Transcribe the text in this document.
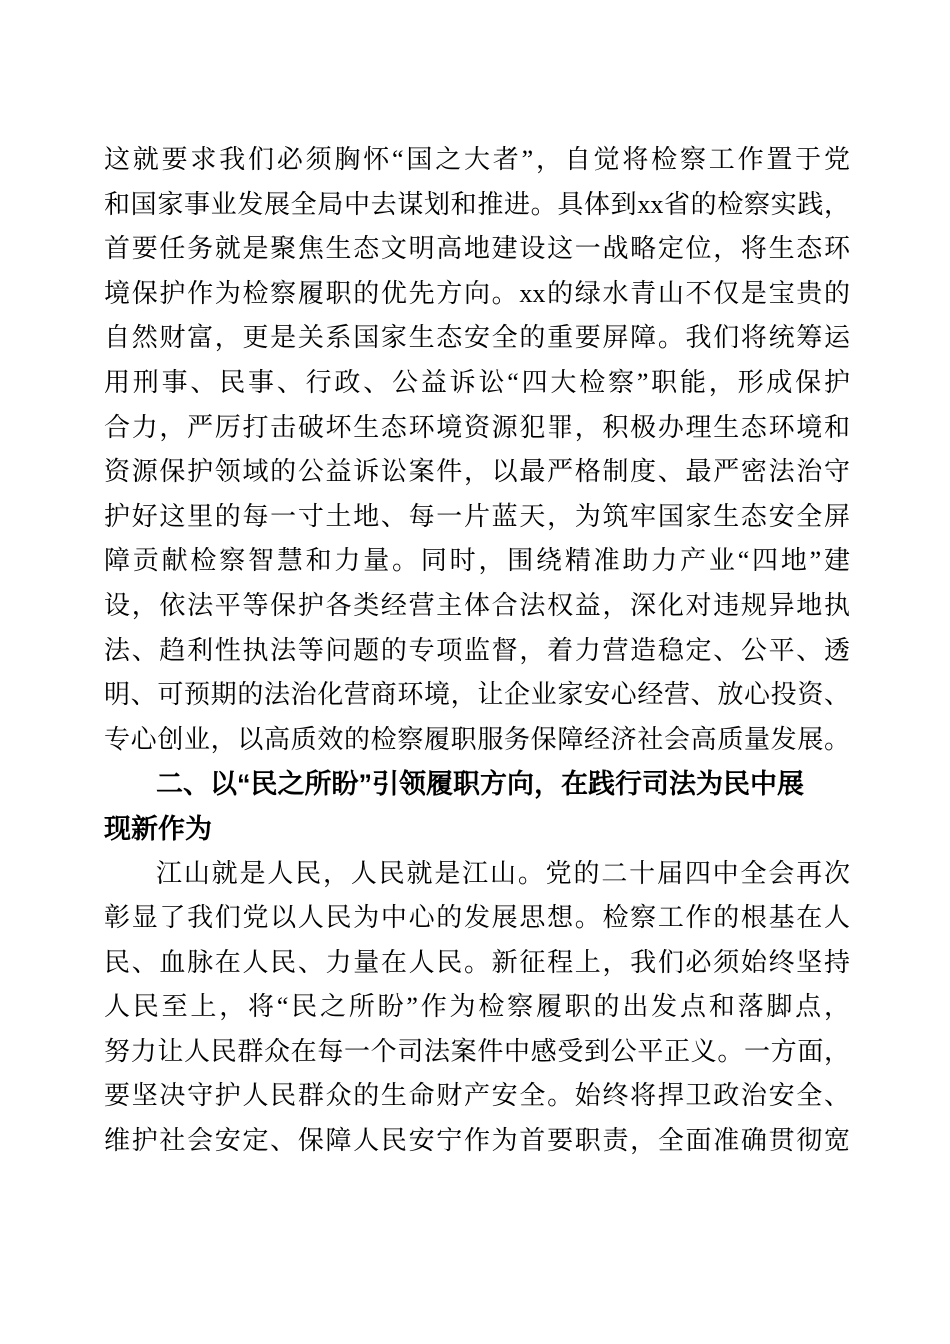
这就要求我们必须胸怀“国之大者”，自觉将检察工作置于党
和国家事业发展全局中去谋划和推进。具体到xx省的检察实践，
首要任务就是聚焦生态文明高地建设这一战略定位，将生态环
境保护作为检察履职的优先方向。xx的绿水青山不仅是宝贵的
自然财富，更是关系国家生态安全的重要屏障。我们将统筹运
用刑事、民事、行政、公益诉讼“四大检察”职能，形成保护
合力，严厉打击破坏生态环境资源犯罪，积极办理生态环境和
资源保护领域的公益诉讼案件，以最严格制度、最严密法治守
护好这里的每一寸土地、每一片蓝天，为筑牢国家生态安全屏
障贡献检察智慧和力量。同时，围绕精准助力产业“四地”建
设，依法平等保护各类经营主体合法权益，深化对违规异地执
法、趋利性执法等问题的专项监督，着力营造稳定、公平、透
明、可预期的法治化营商环境，让企业家安心经营、放心投资、
专心创业，以高质效的检察履职服务保障经济社会高质量发展。
二、以“民之所盼”引领履职方向，在践行司法为民中展
现新作为
江山就是人民，人民就是江山。党的二十届四中全会再次
彰显了我们党以人民为中心的发展思想。检察工作的根基在人
民、血脉在人民、力量在人民。新征程上，我们必须始终坚持
人民至上，将“民之所盼”作为检察履职的出发点和落脚点，
努力让人民群众在每一个司法案件中感受到公平正义。一方面，
要坚决守护人民群众的生命财产安全。始终将捍卫政治安全、
维护社会安定、保障人民安宁作为首要职责，全面准确贯彻宽
